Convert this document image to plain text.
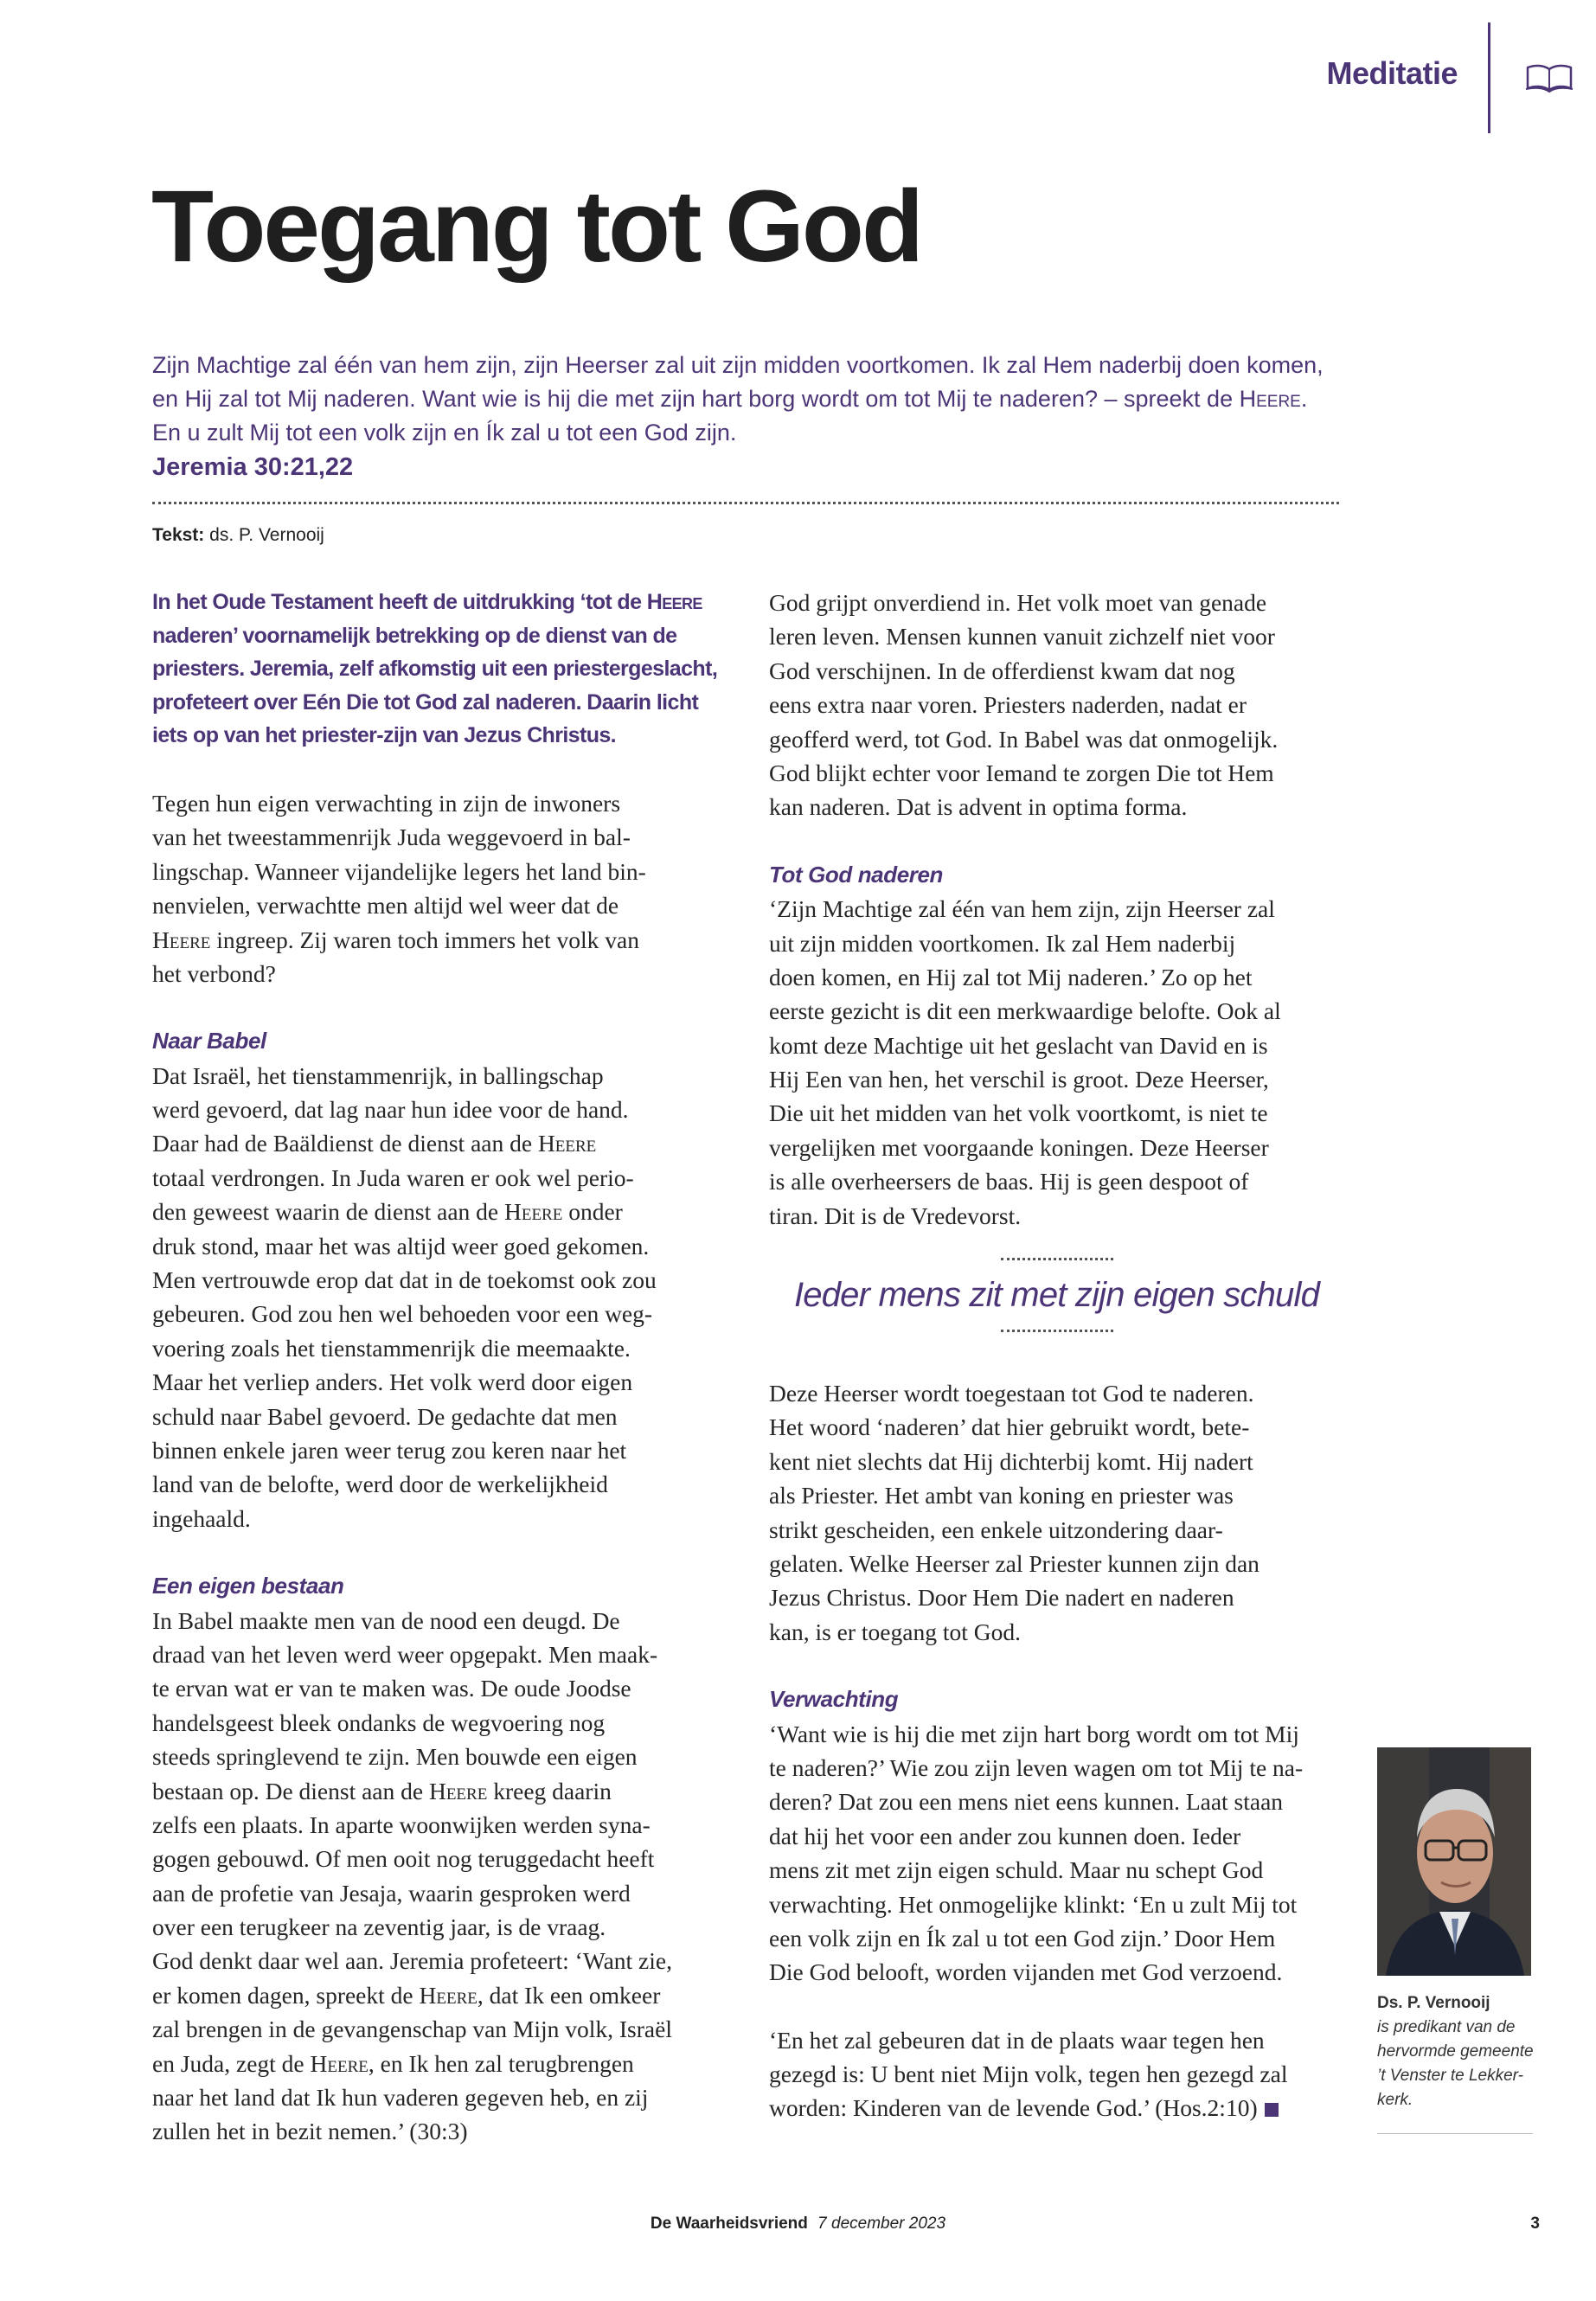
Meditatie
Toegang tot God
Zijn Machtige zal één van hem zijn, zijn Heerser zal uit zijn midden voortkomen. Ik zal Hem naderbij doen komen,
en Hij zal tot Mij naderen. Want wie is hij die met zijn hart borg wordt om tot Mij te naderen? – spreekt de Heere.
En u zult Mij tot een volk zijn en Ík zal u tot een God zijn.
Jeremia 30:21,22
Tekst: ds. P. Vernooij
In het Oude Testament heeft de uitdrukking ‘tot de Heere
naderen’ voornamelijk betrekking op de dienst van de
priesters. Jeremia, zelf afkomstig uit een priestergeslacht,
profeteert over Eén Die tot God zal naderen. Daarin licht
iets op van het priester-zijn van Jezus Christus.
Tegen hun eigen verwachting in zijn de inwoners
van het tweestammenrijk Juda weggevoerd in bal-
lingschap. Wanneer vijandelijke legers het land bin-
nenvielen, verwachtte men altijd wel weer dat de
Heere ingreep. Zij waren toch immers het volk van
het verbond?
Naar Babel
Dat Israël, het tienstammenrijk, in ballingschap
werd gevoerd, dat lag naar hun idee voor de hand.
Daar had de Baäldienst de dienst aan de Heere
totaal verdrongen. In Juda waren er ook wel perio-
den geweest waarin de dienst aan de Heere onder
druk stond, maar het was altijd weer goed gekomen.
Men vertrouwde erop dat dat in de toekomst ook zou
gebeuren. God zou hen wel behoeden voor een weg-
voering zoals het tienstammenrijk die meemaakte.
Maar het verliep anders. Het volk werd door eigen
schuld naar Babel gevoerd. De gedachte dat men
binnen enkele jaren weer terug zou keren naar het
land van de belofte, werd door de werkelijkheid
ingehaald.
Een eigen bestaan
In Babel maakte men van de nood een deugd. De
draad van het leven werd weer opgepakt. Men maak-
te ervan wat er van te maken was. De oude Joodse
handelsgeest bleek ondanks de wegvoering nog
steeds springlevend te zijn. Men bouwde een eigen
bestaan op. De dienst aan de Heere kreeg daarin
zelfs een plaats. In aparte woonwijken werden syna-
gogen gebouwd. Of men ooit nog teruggedacht heeft
aan de profetie van Jesaja, waarin gesproken werd
over een terugkeer na zeventig jaar, is de vraag.
God denkt daar wel aan. Jeremia profeteert: ‘Want zie,
er komen dagen, spreekt de Heere, dat Ik een omkeer
zal brengen in de gevangenschap van Mijn volk, Israël
en Juda, zegt de Heere, en Ik hen zal terugbrengen
naar het land dat Ik hun vaderen gegeven heb, en zij
zullen het in bezit nemen.’ (30:3)
God grijpt onverdiend in. Het volk moet van genade
leren leven. Mensen kunnen vanuit zichzelf niet voor
God verschijnen. In de offerdienst kwam dat nog
eens extra naar voren. Priesters naderden, nadat er
geofferd werd, tot God. In Babel was dat onmogelijk.
God blijkt echter voor Iemand te zorgen Die tot Hem
kan naderen. Dat is advent in optima forma.
Tot God naderen
‘Zijn Machtige zal één van hem zijn, zijn Heerser zal
uit zijn midden voortkomen. Ik zal Hem naderbij
doen komen, en Hij zal tot Mij naderen.’ Zo op het
eerste gezicht is dit een merkwaardige belofte. Ook al
komt deze Machtige uit het geslacht van David en is
Hij Een van hen, het verschil is groot. Deze Heerser,
Die uit het midden van het volk voortkomt, is niet te
vergelijken met voorgaande koningen. Deze Heerser
is alle overheersers de baas. Hij is geen despoot of
tiran. Dit is de Vredevorst.
Ieder mens zit met zijn eigen schuld
Deze Heerser wordt toegestaan tot God te naderen.
Het woord ‘naderen’ dat hier gebruikt wordt, bete-
kent niet slechts dat Hij dichterbij komt. Hij nadert
als Priester. Het ambt van koning en priester was
strikt gescheiden, een enkele uitzondering daar-
gelaten. Welke Heerser zal Priester kunnen zijn dan
Jezus Christus. Door Hem Die nadert en naderen
kan, is er toegang tot God.
Verwachting
‘Want wie is hij die met zijn hart borg wordt om tot Mij
te naderen?’ Wie zou zijn leven wagen om tot Mij te na-
deren? Dat zou een mens niet eens kunnen. Laat staan
dat hij het voor een ander zou kunnen doen. Ieder
mens zit met zijn eigen schuld. Maar nu schept God
verwachting. Het onmogelijke klinkt: ‘En u zult Mij tot
een volk zijn en Ík zal u tot een God zijn.’ Door Hem
Die God belooft, worden vijanden met God verzoend.
‘En het zal gebeuren dat in de plaats waar tegen hen
gezegd is: U bent niet Mijn volk, tegen hen gezegd zal
worden: Kinderen van de levende God.’ (Hos.2:10)
Ds. P. Vernooij
is predikant van de
hervormde gemeente
’t Venster te Lekker-
kerk.
De Waarheidsvriend 7 december 2023	3
